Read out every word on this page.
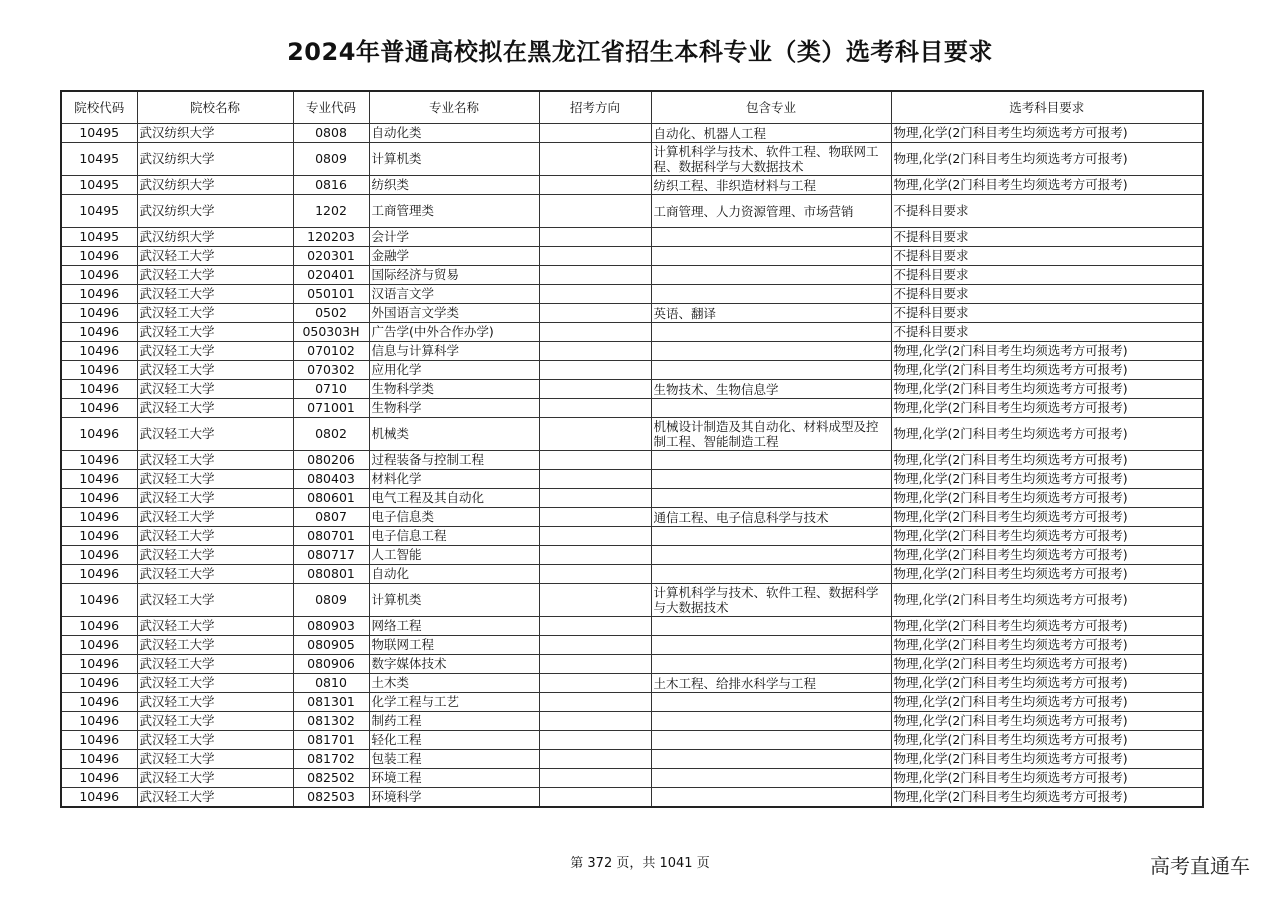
2024年普通高校拟在黑龙江省招生本科专业（类）选考科目要求
院校代码	院校名称	专业代码	专业名称	招考方向	包含专业	选考科目要求
10495	武汉纺织大学	0808	自动化类		自动化、机器人工程	物理,化学(2门科目考生均须选考方可报考)
10495	武汉纺织大学	0809	计算机类		计算机科学与技术、软件工程、物联网工程、数据科学与大数据技术	物理,化学(2门科目考生均须选考方可报考)
10495	武汉纺织大学	0816	纺织类		纺织工程、非织造材料与工程	物理,化学(2门科目考生均须选考方可报考)
10495	武汉纺织大学	1202	工商管理类		工商管理、人力资源管理、市场营销	不提科目要求
10495	武汉纺织大学	120203	会计学			不提科目要求
10496	武汉轻工大学	020301	金融学			不提科目要求
10496	武汉轻工大学	020401	国际经济与贸易			不提科目要求
10496	武汉轻工大学	050101	汉语言文学			不提科目要求
10496	武汉轻工大学	0502	外国语言文学类		英语、翻译	不提科目要求
10496	武汉轻工大学	050303H	广告学(中外合作办学)			不提科目要求
10496	武汉轻工大学	070102	信息与计算科学			物理,化学(2门科目考生均须选考方可报考)
10496	武汉轻工大学	070302	应用化学			物理,化学(2门科目考生均须选考方可报考)
10496	武汉轻工大学	0710	生物科学类		生物技术、生物信息学	物理,化学(2门科目考生均须选考方可报考)
10496	武汉轻工大学	071001	生物科学			物理,化学(2门科目考生均须选考方可报考)
10496	武汉轻工大学	0802	机械类		机械设计制造及其自动化、材料成型及控制工程、智能制造工程	物理,化学(2门科目考生均须选考方可报考)
10496	武汉轻工大学	080206	过程装备与控制工程			物理,化学(2门科目考生均须选考方可报考)
10496	武汉轻工大学	080403	材料化学			物理,化学(2门科目考生均须选考方可报考)
10496	武汉轻工大学	080601	电气工程及其自动化			物理,化学(2门科目考生均须选考方可报考)
10496	武汉轻工大学	0807	电子信息类		通信工程、电子信息科学与技术	物理,化学(2门科目考生均须选考方可报考)
10496	武汉轻工大学	080701	电子信息工程			物理,化学(2门科目考生均须选考方可报考)
10496	武汉轻工大学	080717	人工智能			物理,化学(2门科目考生均须选考方可报考)
10496	武汉轻工大学	080801	自动化			物理,化学(2门科目考生均须选考方可报考)
10496	武汉轻工大学	0809	计算机类		计算机科学与技术、软件工程、数据科学与大数据技术	物理,化学(2门科目考生均须选考方可报考)
10496	武汉轻工大学	080903	网络工程			物理,化学(2门科目考生均须选考方可报考)
10496	武汉轻工大学	080905	物联网工程			物理,化学(2门科目考生均须选考方可报考)
10496	武汉轻工大学	080906	数字媒体技术			物理,化学(2门科目考生均须选考方可报考)
10496	武汉轻工大学	0810	土木类		土木工程、给排水科学与工程	物理,化学(2门科目考生均须选考方可报考)
10496	武汉轻工大学	081301	化学工程与工艺			物理,化学(2门科目考生均须选考方可报考)
10496	武汉轻工大学	081302	制药工程			物理,化学(2门科目考生均须选考方可报考)
10496	武汉轻工大学	081701	轻化工程			物理,化学(2门科目考生均须选考方可报考)
10496	武汉轻工大学	081702	包装工程			物理,化学(2门科目考生均须选考方可报考)
10496	武汉轻工大学	082502	环境工程			物理,化学(2门科目考生均须选考方可报考)
10496	武汉轻工大学	082503	环境科学			物理,化学(2门科目考生均须选考方可报考)
第 372 页，共 1041 页	高考直通车
